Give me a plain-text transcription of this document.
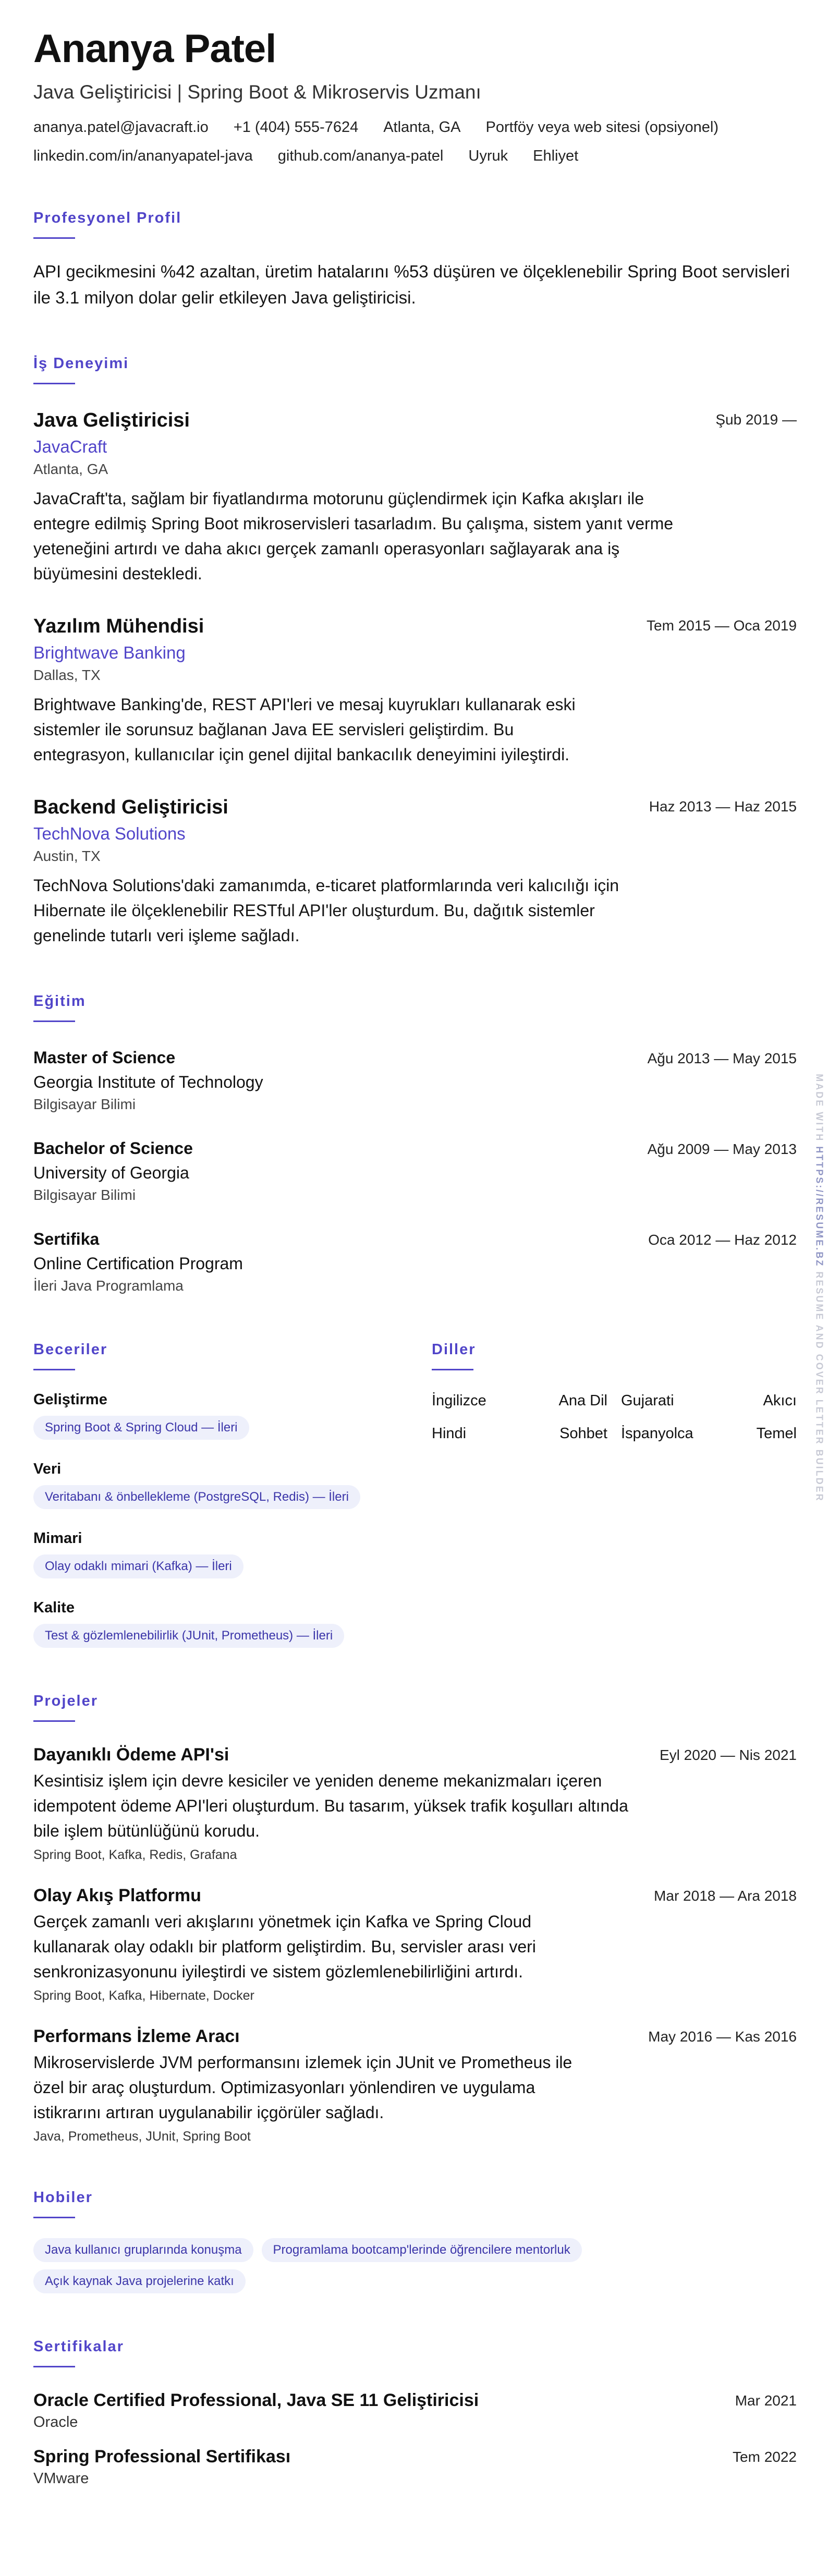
Ananya Patel
Java Geliştiricisi | Spring Boot & Mikroservis Uzmanı
ananya.patel@javacraft.io +1 (404) 555-7624 Atlanta, GA Portföy veya web sitesi (opsiyonel)
linkedin.com/in/ananyapatel-java github.com/ananya-patel Uyruk Ehliyet
Profesyonel Profil

API gecikmesini %42 azaltan, üretim hatalarını %53 düşüren ve ölçeklenebilir Spring Boot servisleri ile 3.1 milyon dolar gelir etkileyen Java geliştiricisi.

İş Deneyimi
Şub 2019 —
Java Geliştiricisi
JavaCraft
Atlanta, GA
JavaCraft'ta, sağlam bir fiyatlandırma motorunu güçlendirmek için Kafka akışları ile entegre edilmiş Spring Boot mikroservisleri tasarladım. Bu çalışma, sistem yanıt verme yeteneğini artırdı ve daha akıcı gerçek zamanlı operasyonları sağlayarak ana iş büyümesini destekledi.
Tem 2015 — Oca 2019
Yazılım Mühendisi
Brightwave Banking
Dallas, TX
Brightwave Banking'de, REST API'leri ve mesaj kuyrukları kullanarak eski sistemler ile sorunsuz bağlanan Java EE servisleri geliştirdim. Bu entegrasyon, kullanıcılar için genel dijital bankacılık deneyimini iyileştirdi.
Haz 2013 — Haz 2015
Backend Geliştiricisi
TechNova Solutions
Austin, TX
TechNova Solutions'daki zamanımda, e-ticaret platformlarında veri kalıcılığı için Hibernate ile ölçeklenebilir RESTful API'ler oluşturdum. Bu, dağıtık sistemler genelinde tutarlı veri işleme sağladı.
Eğitim
Ağu 2013 — May 2015
Master of Science
Georgia Institute of Technology
Bilgisayar Bilimi
Ağu 2009 — May 2013
Bachelor of Science
University of Georgia
Bilgisayar Bilimi
Oca 2012 — Haz 2012
Sertifika
Online Certification Program
İleri Java Programlama
Beceriler
Geliştirme
Spring Boot & Spring Cloud — İleri
Veri
Veritabanı & önbellekleme (PostgreSQL, Redis) — İleri
Mimari
Olay odaklı mimari (Kafka) — İleri
Kalite
Test & gözlemlenebilirlik (JUnit, Prometheus) — İleri
Diller
İngilizce	Ana Dil Gujarati	Akıcı
Hindi	Sohbet İspanyolca	Temel
Projeler
Eyl 2020 — Nis 2021
Dayanıklı Ödeme API'si
Kesintisiz işlem için devre kesiciler ve yeniden deneme mekanizmaları içeren idempotent ödeme API'leri oluşturdum. Bu tasarım, yüksek trafik koşulları altında bile işlem bütünlüğünü korudu.
Spring Boot, Kafka, Redis, Grafana
Mar 2018 — Ara 2018
Olay Akış Platformu
Gerçek zamanlı veri akışlarını yönetmek için Kafka ve Spring Cloud kullanarak olay odaklı bir platform geliştirdim. Bu, servisler arası veri senkronizasyonunu iyileştirdi ve sistem gözlemlenebilirliğini artırdı.
Spring Boot, Kafka, Hibernate, Docker
May 2016 — Kas 2016
Performans İzleme Aracı
Mikroservislerde JVM performansını izlemek için JUnit ve Prometheus ile özel bir araç oluşturdum. Optimizasyonları yönlendiren ve uygulama istikrarını artıran uygulanabilir içgörüler sağladı.
Java, Prometheus, JUnit, Spring Boot
Hobiler
Java kullanıcı gruplarında konuşma	Programlama bootcamp'lerinde öğrencilere mentorluk
Açık kaynak Java projelerine katkı
Sertifikalar
Mar 2021
Oracle Certified Professional, Java SE 11 Geliştiricisi
Oracle
Tem 2022
Spring Professional Sertifikası
VMware
MADE WITH HTTPS://RESUME.BZ RESUME AND COVER LETTER BUILDER
